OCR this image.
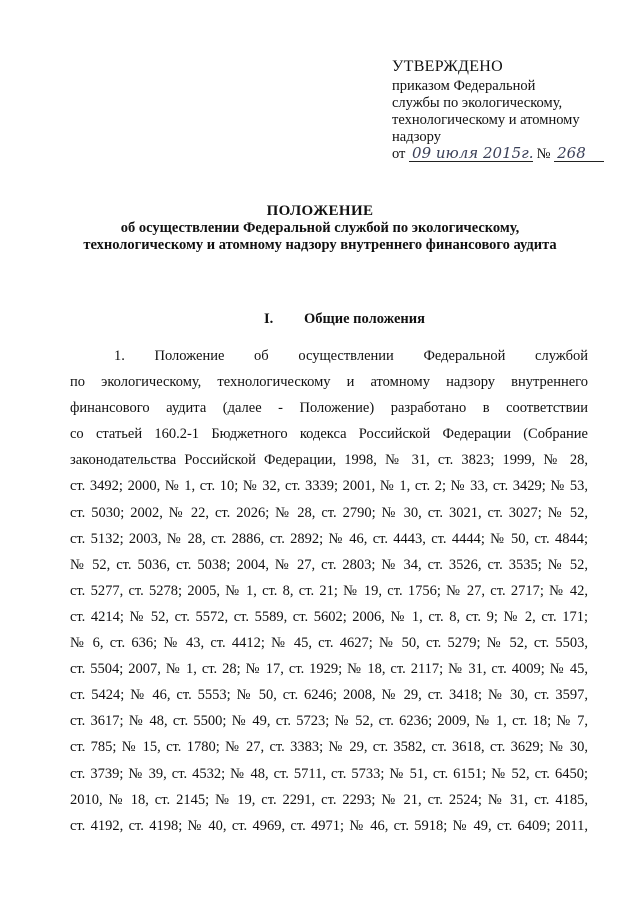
УТВЕРЖДЕНО
приказом Федеральной
службы по экологическому,
технологическому и атомному
надзору
от 09 июля 2015г. № 268
ПОЛОЖЕНИЕ
об осуществлении Федеральной службой по экологическому,
технологическому и атомному надзору внутреннего финансового аудита
I. Общие положения
1. Положение об осуществлении Федеральной службой
по экологическому, технологическому и атомному надзору внутреннего
финансового аудита (далее - Положение) разработано в соответствии
со статьей 160.2-1 Бюджетного кодекса Российской Федерации (Собрание
законодательства Российской Федерации, 1998, № 31, ст. 3823; 1999, № 28,
ст. 3492; 2000, № 1, ст. 10; № 32, ст. 3339; 2001, № 1, ст. 2; № 33, ст. 3429; № 53,
ст. 5030; 2002, № 22, ст. 2026; № 28, ст. 2790; № 30, ст. 3021, ст. 3027; № 52,
ст. 5132; 2003, № 28, ст. 2886, ст. 2892; № 46, ст. 4443, ст. 4444; № 50, ст. 4844;
№ 52, ст. 5036, ст. 5038; 2004, № 27, ст. 2803; № 34, ст. 3526, ст. 3535; № 52,
ст. 5277, ст. 5278; 2005, № 1, ст. 8, ст. 21; № 19, ст. 1756; № 27, ст. 2717; № 42,
ст. 4214; № 52, ст. 5572, ст. 5589, ст. 5602; 2006, № 1, ст. 8, ст. 9; № 2, ст. 171;
№ 6, ст. 636; № 43, ст. 4412; № 45, ст. 4627; № 50, ст. 5279; № 52, ст. 5503,
ст. 5504; 2007, № 1, ст. 28; № 17, ст. 1929; № 18, ст. 2117; № 31, ст. 4009; № 45,
ст. 5424; № 46, ст. 5553; № 50, ст. 6246; 2008, № 29, ст. 3418; № 30, ст. 3597,
ст. 3617; № 48, ст. 5500; № 49, ст. 5723; № 52, ст. 6236; 2009, № 1, ст. 18; № 7,
ст. 785; № 15, ст. 1780; № 27, ст. 3383; № 29, ст. 3582, ст. 3618, ст. 3629; № 30,
ст. 3739; № 39, ст. 4532; № 48, ст. 5711, ст. 5733; № 51, ст. 6151; № 52, ст. 6450;
2010, № 18, ст. 2145; № 19, ст. 2291, ст. 2293; № 21, ст. 2524; № 31, ст. 4185,
ст. 4192, ст. 4198; № 40, ст. 4969, ст. 4971; № 46, ст. 5918; № 49, ст. 6409; 2011,
